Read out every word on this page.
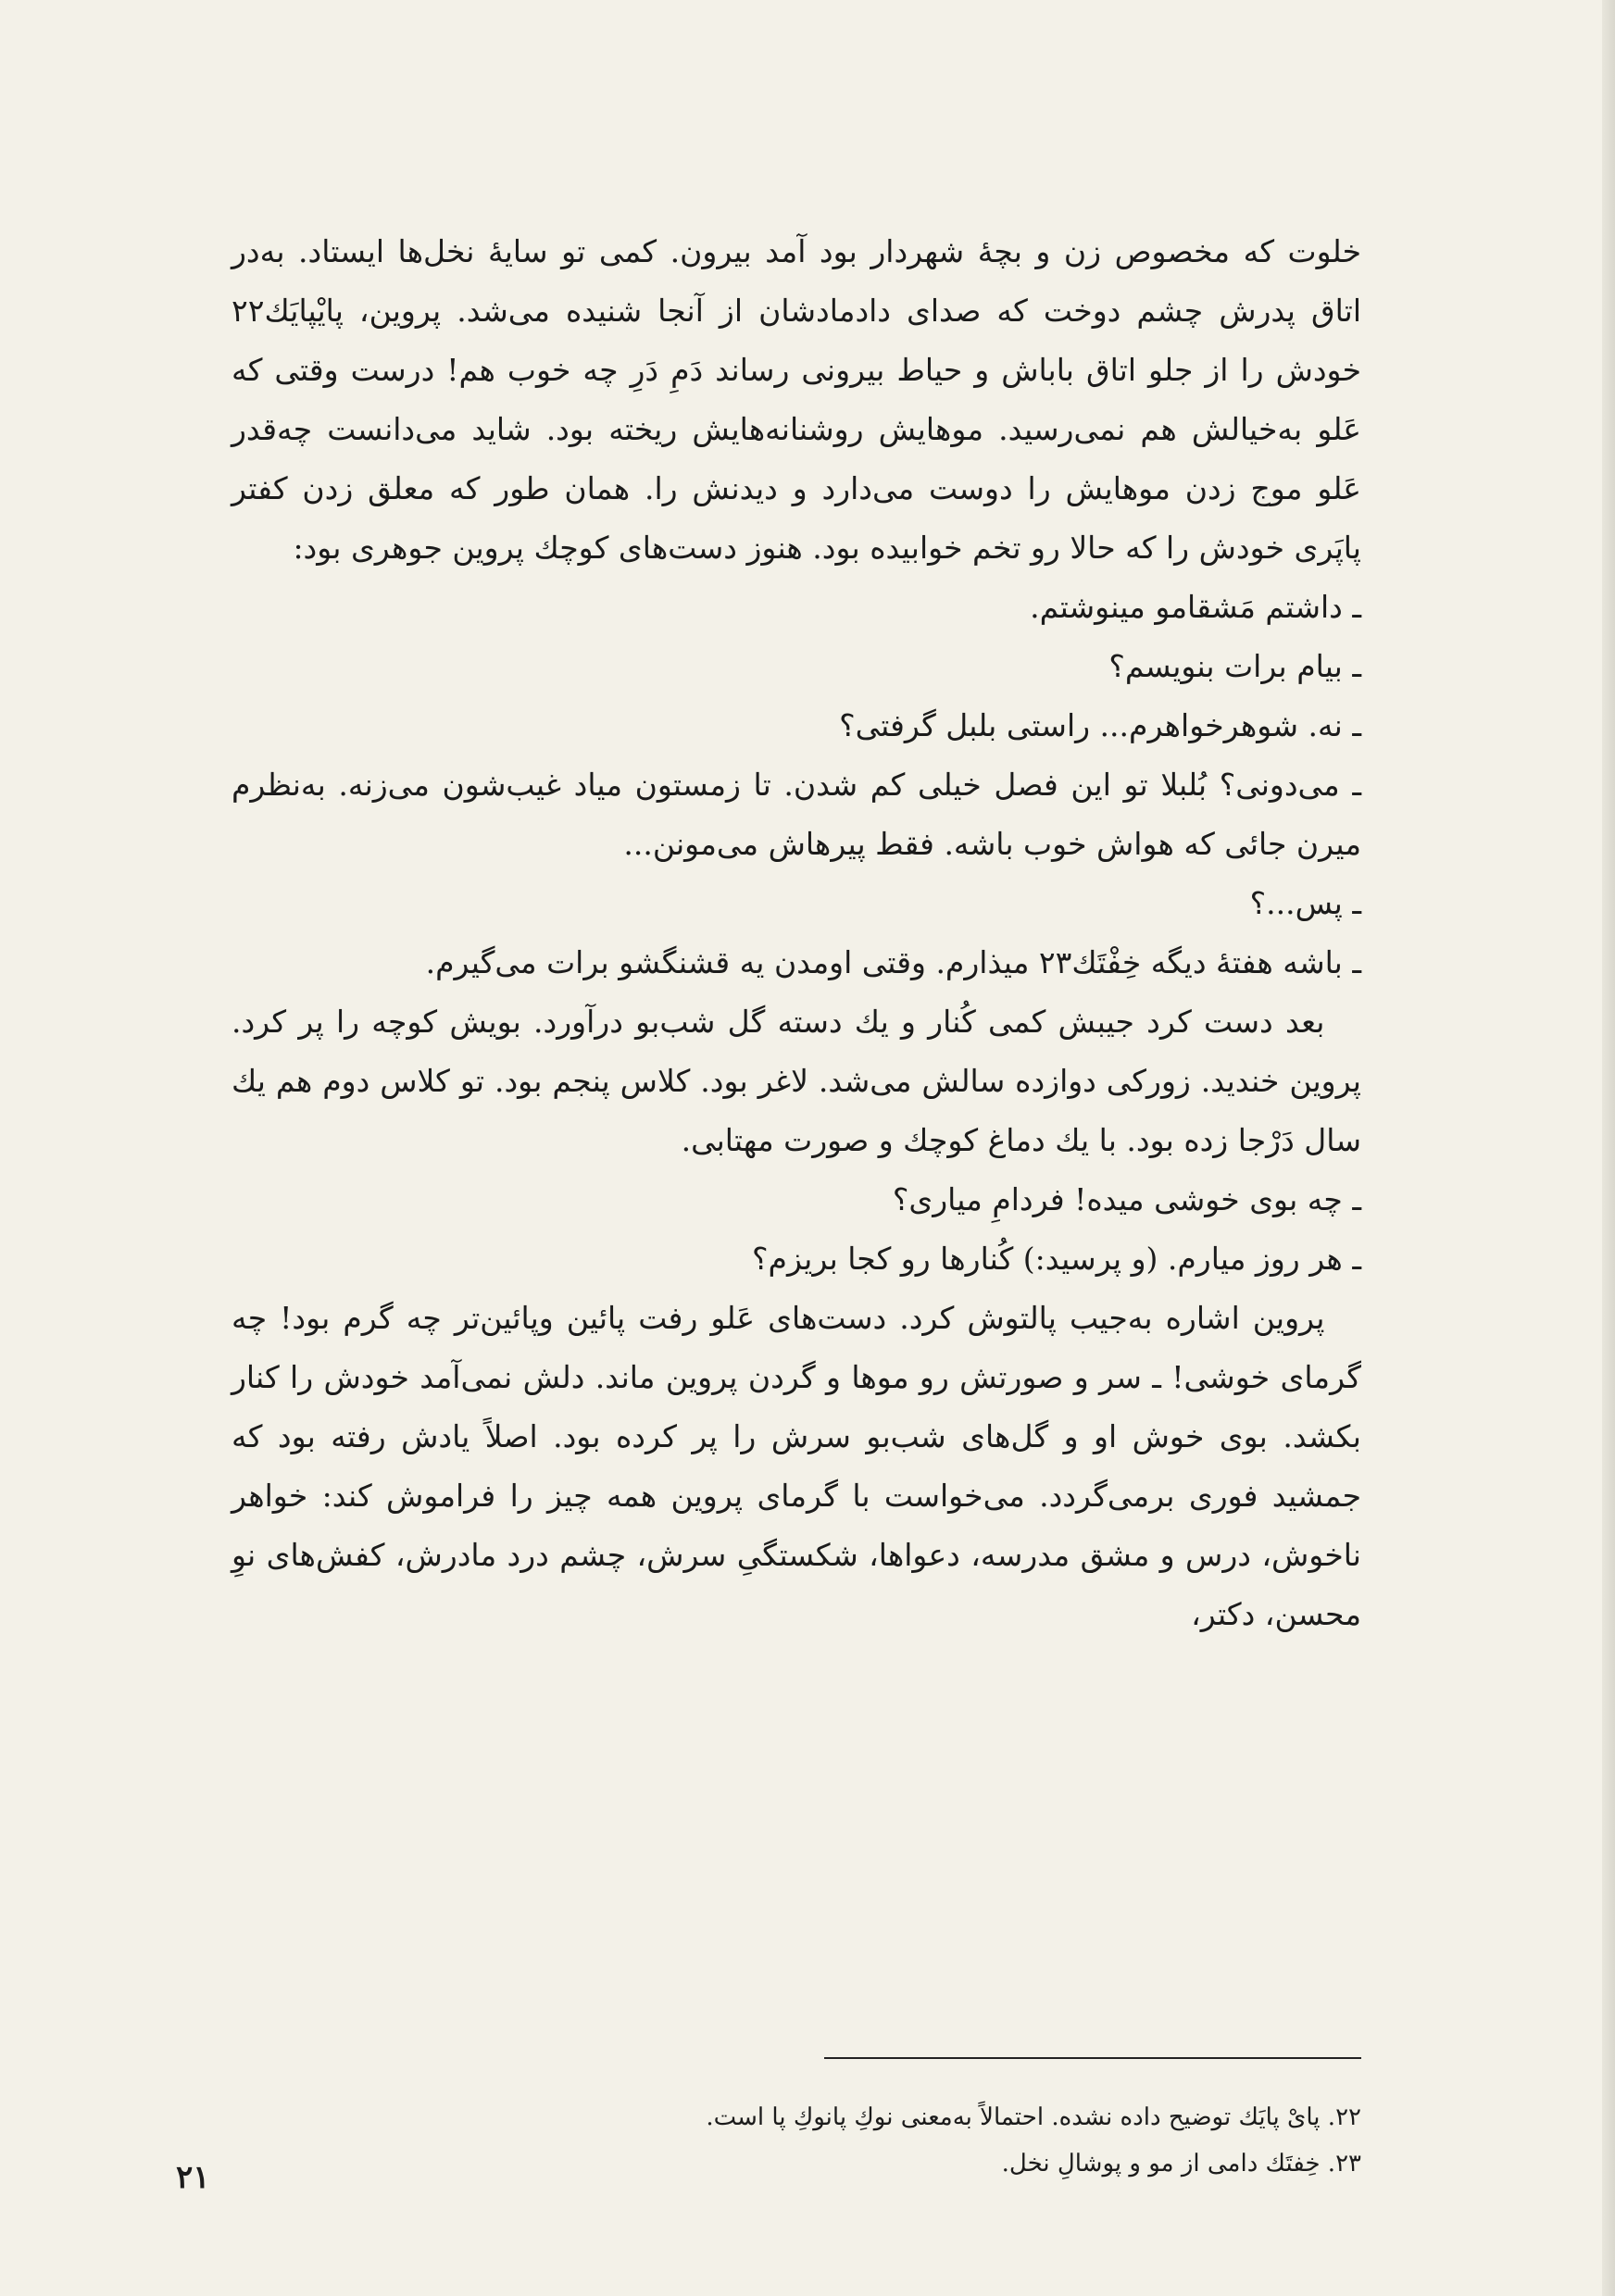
خلوت که مخصوص زن و بچهٔ شهردار بود آمد بیرون. کمی تو سایهٔ نخل‌ها ایستاد. به‌در اتاق پدرش چشم دوخت که صدای دادمادشان از آنجا شنیده می‌شد. پروین، پایْپایَك۲۲ خودش را از جلو اتاق باباش و حیاط بیرونی رساند دَمِ دَرِ چه خوب هم! درست وقتی که عَلو به‌خیالش هم نمی‌رسید. موهایش روشنانه‌هایش ریخته بود. شاید می‌دانست چه‌قدر عَلو موج زدن موهایش را دوست می‌دارد و دیدنش را. همان طور که معلق زدن کفتر پاپَری خودش را که حالا رو تخم خوابیده بود. هنوز دست‌های کوچك پروین جوهری بود:

ـ داشتم مَشقامو مینوشتم.

ـ بیام برات بنویسم؟

ـ نه. شوهرخواهرم... راستی بلبل گرفتی؟

ـ می‌دونی؟ بُلبلا تو این فصل خیلی کم شدن. تا زمستون میاد غیب‌شون می‌زنه. به‌نظرم میرن جائی که هواش خوب باشه. فقط پیرهاش می‌مونن...

ـ پس...؟

ـ باشه هفتهٔ دیگه خِفْتَك۲۳ میذارم. وقتی اومدن یه قشنگشو برات می‌گیرم.

بعد دست کرد جیبش کمی کُنار و یك دسته گل شب‌بو درآورد. بویش کوچه را پر کرد. پروین خندید. زورکی دوازده سالش می‌شد. لاغر بود. کلاس پنجم بود. تو کلاس دوم هم یك سال دَرْجا زده بود. با یك دماغ کوچك و صورت مهتابی.

ـ چه بوی خوشی میده! فردامِ میاری؟

ـ هر روز میارم. (و پرسید:) کُنارها رو کجا بریزم؟

پروین اشاره به‌جیب پالتوش کرد. دست‌های عَلو رفت پائین وپائین‌تر چه گرم بود! چه گرمای خوشی! ـ سر و صورتش رو موها و گردن پروین ماند. دلش نمی‌آمد خودش را کنار بکشد. بوی خوش او و گل‌های شب‌بو سرش را پر کرده بود. اصلاً یادش رفته بود که جمشید فوری برمی‌گردد. می‌خواست با گرمای پروین همه چیز را فراموش کند: خواهر ناخوش، درس و مشق مدرسه، دعواها، شکستگیِ سرش، چشم درد مادرش، کفش‌های نوِ محسن، دکتر،

۲۲. پایْ پایَك توضیح داده نشده. احتمالاً به‌معنی نوكِ پانوكِ پا است.

۲۳. خِفتَك دامی از مو و پوشالِ نخل.

۲۱
